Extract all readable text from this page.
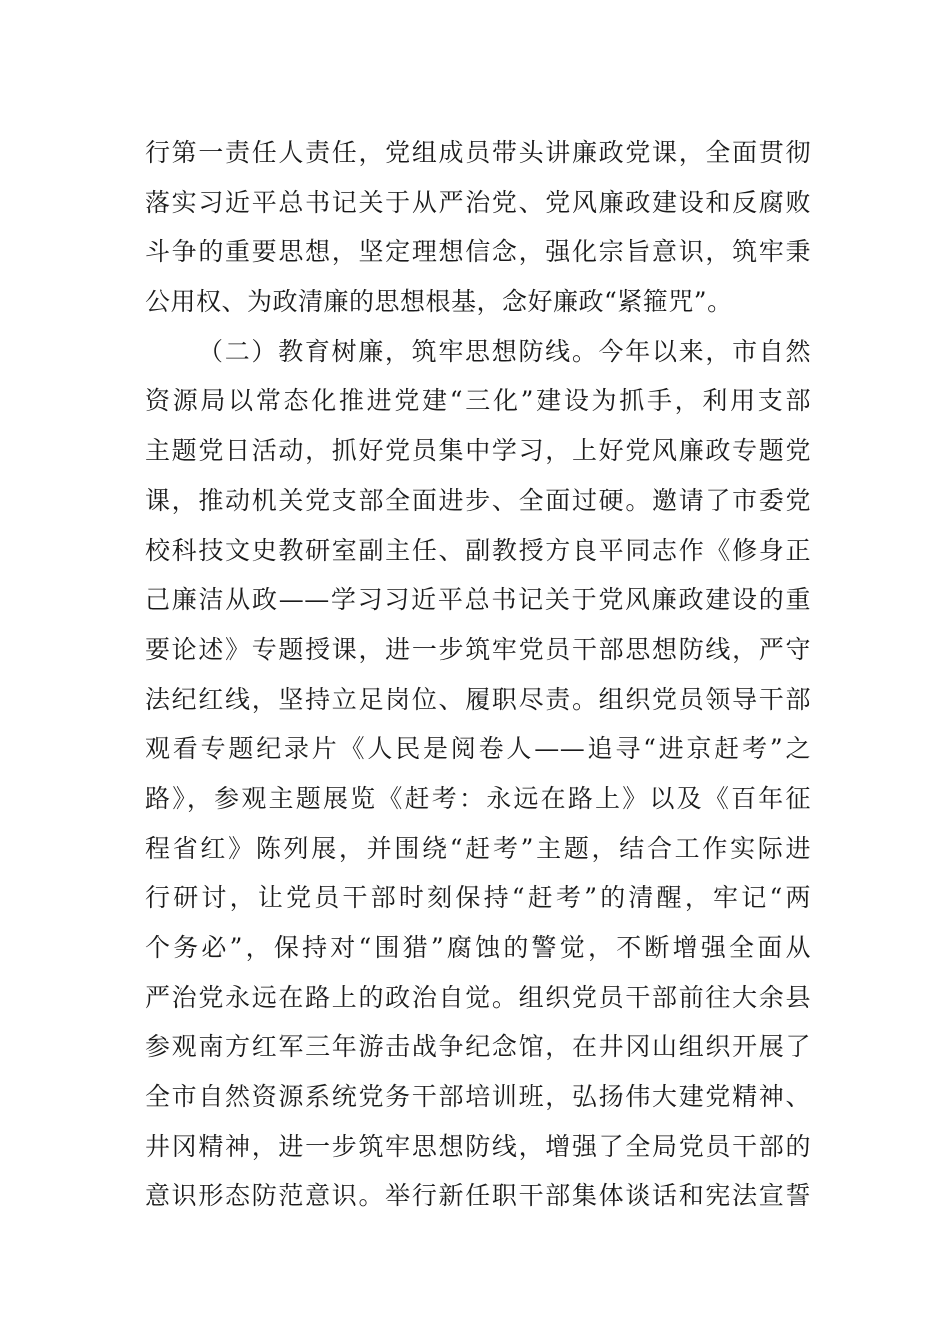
行第一责任人责任，党组成员带头讲廉政党课，全面贯彻
落实习近平总书记关于从严治党、党风廉政建设和反腐败
斗争的重要思想，坚定理想信念，强化宗旨意识，筑牢秉
公用权、为政清廉的思想根基，念好廉政“紧箍咒”。
（二）教育树廉，筑牢思想防线。今年以来，市自然
资源局以常态化推进党建“三化”建设为抓手，利用支部
主题党日活动，抓好党员集中学习，上好党风廉政专题党
课，推动机关党支部全面进步、全面过硬。邀请了市委党
校科技文史教研室副主任、副教授方良平同志作《修身正
己廉洁从政——学习习近平总书记关于党风廉政建设的重
要论述》专题授课，进一步筑牢党员干部思想防线，严守
法纪红线，坚持立足岗位、履职尽责。组织党员领导干部
观看专题纪录片《人民是阅卷人——追寻“进京赶考”之
路》，参观主题展览《赶考：永远在路上》以及《百年征
程省红》陈列展，并围绕“赶考”主题，结合工作实际进
行研讨，让党员干部时刻保持“赶考”的清醒，牢记“两
个务必”，保持对“围猎”腐蚀的警觉，不断增强全面从
严治党永远在路上的政治自觉。组织党员干部前往大余县
参观南方红军三年游击战争纪念馆，在井冈山组织开展了
全市自然资源系统党务干部培训班，弘扬伟大建党精神、
井冈精神，进一步筑牢思想防线，增强了全局党员干部的
意识形态防范意识。举行新任职干部集体谈话和宪法宣誓
